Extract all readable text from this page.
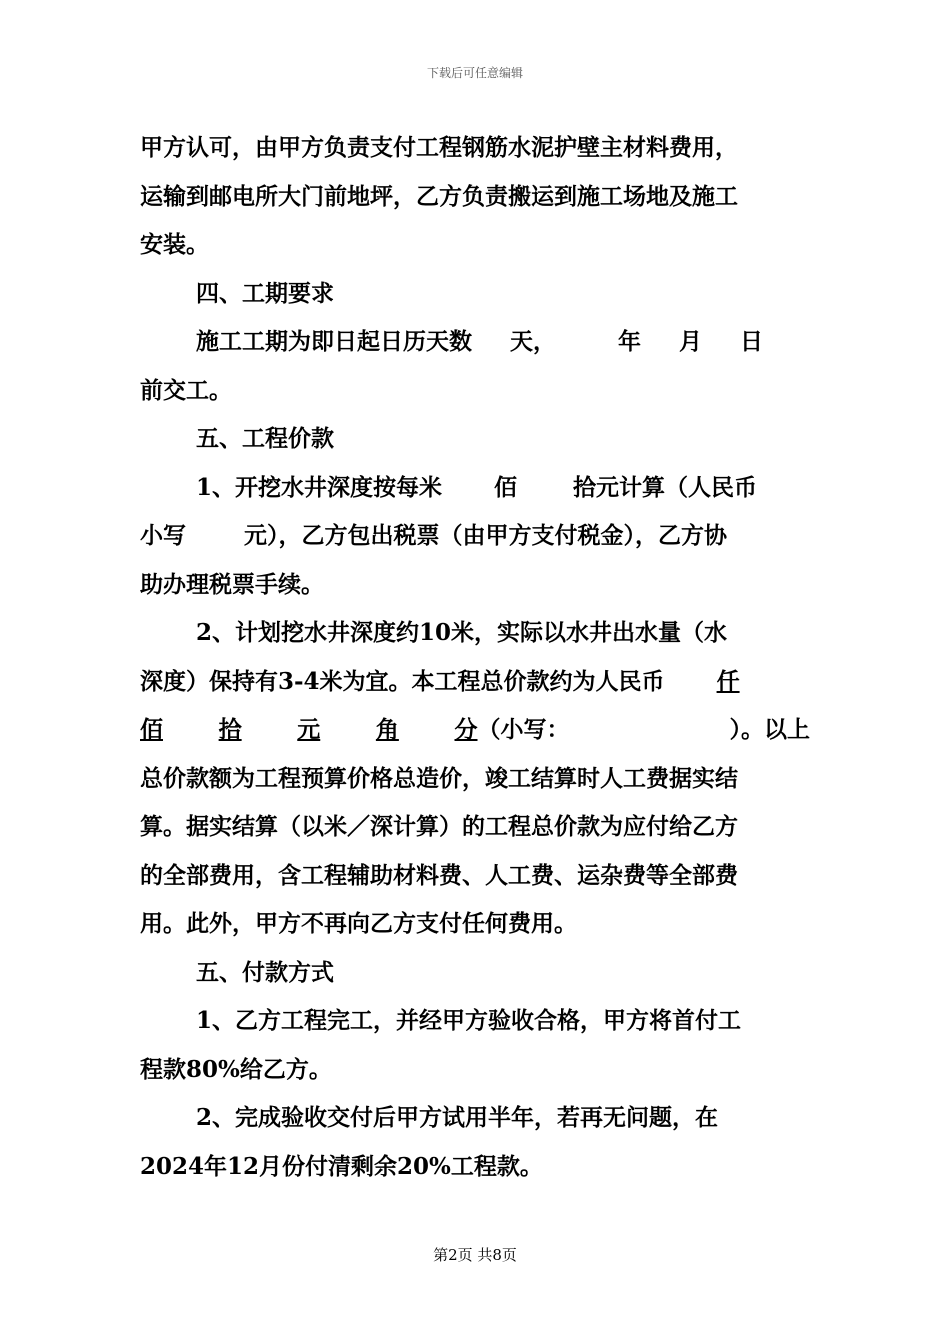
下载后可任意编辑

甲方认可，由甲方负责支付工程钢筋水泥护壁主材料费用，

运输到邮电所大门前地坪，乙方负责搬运到施工场地及施工

安装。

四、工期要求

施工工期为即日起日历天数 天，	年 月 日

前交工。

五、工程价款

1、开挖水井深度按每米 佰 拾元计算（人民币

小写	元），乙方包出税票（由甲方支付税金），乙方协

助办理税票手续。

2、计划挖水井深度约10米，实际以水井出水量（水

深度）保持有3-4米为宜。本工程总价款约为人民币 仟

佰 拾 元 角 分（小写：	）。以上

总价款额为工程预算价格总造价，竣工结算时人工费据实结

算。据实结算（以米／深计算）的工程总价款为应付给乙方

的全部费用，含工程辅助材料费、人工费、运杂费等全部费

用。此外，甲方不再向乙方支付任何费用。

五、付款方式

1、乙方工程完工，并经甲方验收合格，甲方将首付工

程款80%给乙方。

2、完成验收交付后甲方试用半年，若再无问题，在

2024年12月份付清剩余20%工程款。

第2页 共8页
